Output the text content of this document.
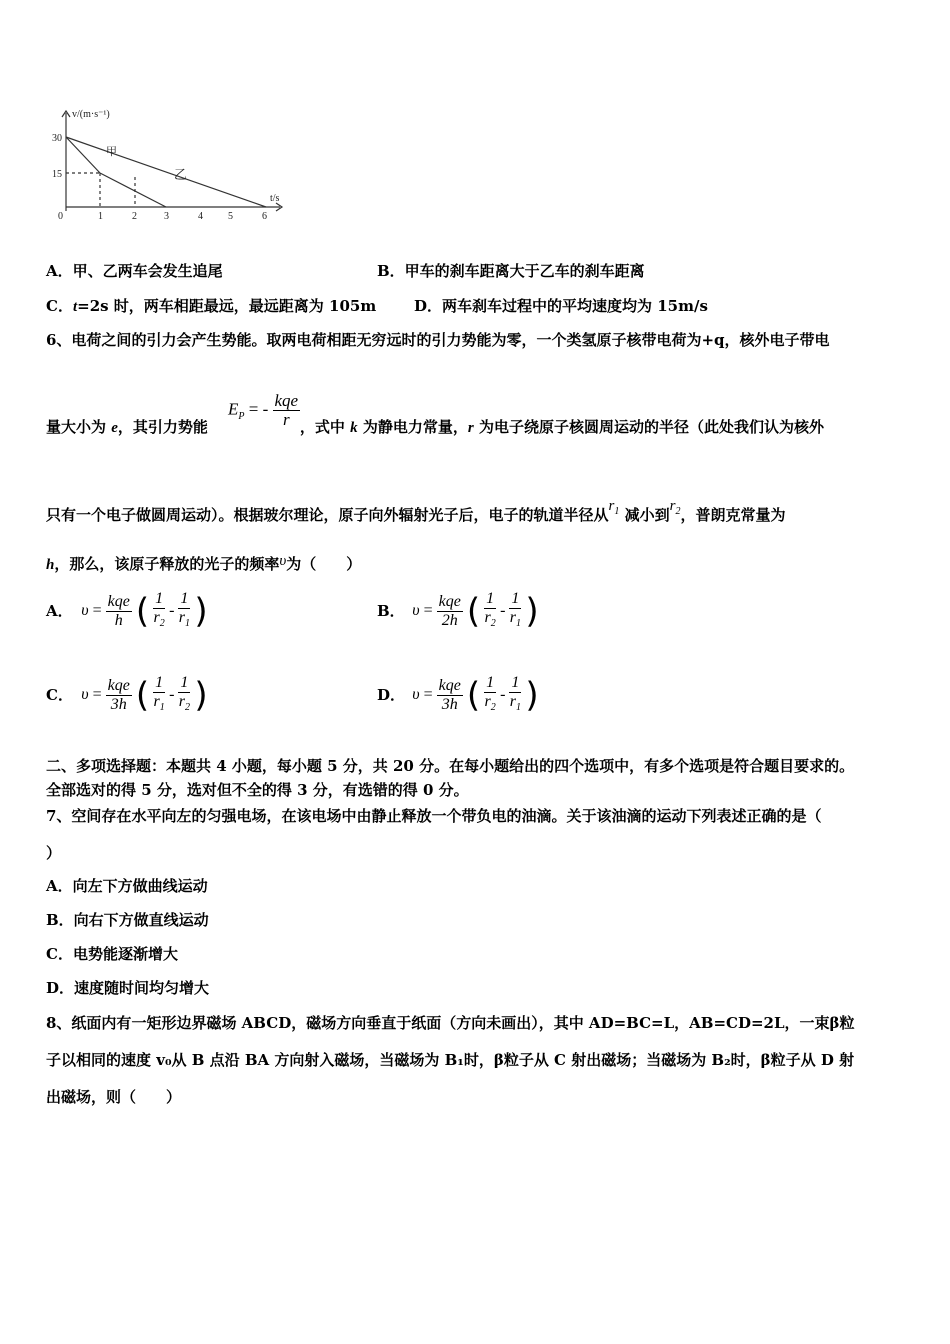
v/(m·s⁻¹)
t/s
30
15
0	1	2	3	4	5	6
甲
乙
A．甲、乙两车会发生追尾	B．甲车的刹车距离大于乙车的刹车距离
C．t=2s 时，两车相距最远，最远距离为 105m	D．两车刹车过程中的平均速度均为 15m/s
6、电荷之间的引力会产生势能。取两电荷相距无穷远时的引力势能为零，一个类氢原子核带电荷为+q，核外电子带电
量大小为 e，其引力势能	，式中 k 为静电力常量，r 为电子绕原子核圆周运动的半径（此处我们认为核外
$E_P$ = - $\frac{\text{kqe}}{r}$
只有一个电子做圆周运动）。根据玻尔理论，原子向外辐射光子后，电子的轨道半径从$r_1$ 减小到$r_2$，普朗克常量为
h，那么，该原子释放的光子的频率υ为（　　）
A． $\upsilon = \frac{\text{kqe}}{h}$ ( $\frac{1}{r_2} - \frac{1}{r_1}$ )	B． $\upsilon = \frac{\text{kqe}}{2h}$ ( $\frac{1}{r_2} - \frac{1}{r_1}$ )
C． $\upsilon = \frac{\text{kqe}}{3h}$ ( $\frac{1}{r_1} - \frac{1}{r_2}$ )	D． $\upsilon = \frac{\text{kqe}}{3h}$ ( $\frac{1}{r_2} - \frac{1}{r_1}$ )
二、多项选择题：本题共 4 小题，每小题 5 分，共 20 分。在每小题给出的四个选项中，有多个选项是符合题目要求的。
全部选对的得 5 分，选对但不全的得 3 分，有选错的得 0 分。
7、空间存在水平向左的匀强电场，在该电场中由静止释放一个带负电的油滴。关于该油滴的运动下列表述正确的是（
）
A．向左下方做曲线运动
B．向右下方做直线运动
C．电势能逐渐增大
D．速度随时间均匀增大
8、纸面内有一矩形边界磁场 ABCD，磁场方向垂直于纸面（方向未画出），其中 AD=BC=L，AB=CD=2L，一束β粒
子以相同的速度 v₀从 B 点沿 BA 方向射入磁场，当磁场为 B₁时，β粒子从 C 射出磁场；当磁场为 B₂时，β粒子从 D 射
出磁场，则（　　）
